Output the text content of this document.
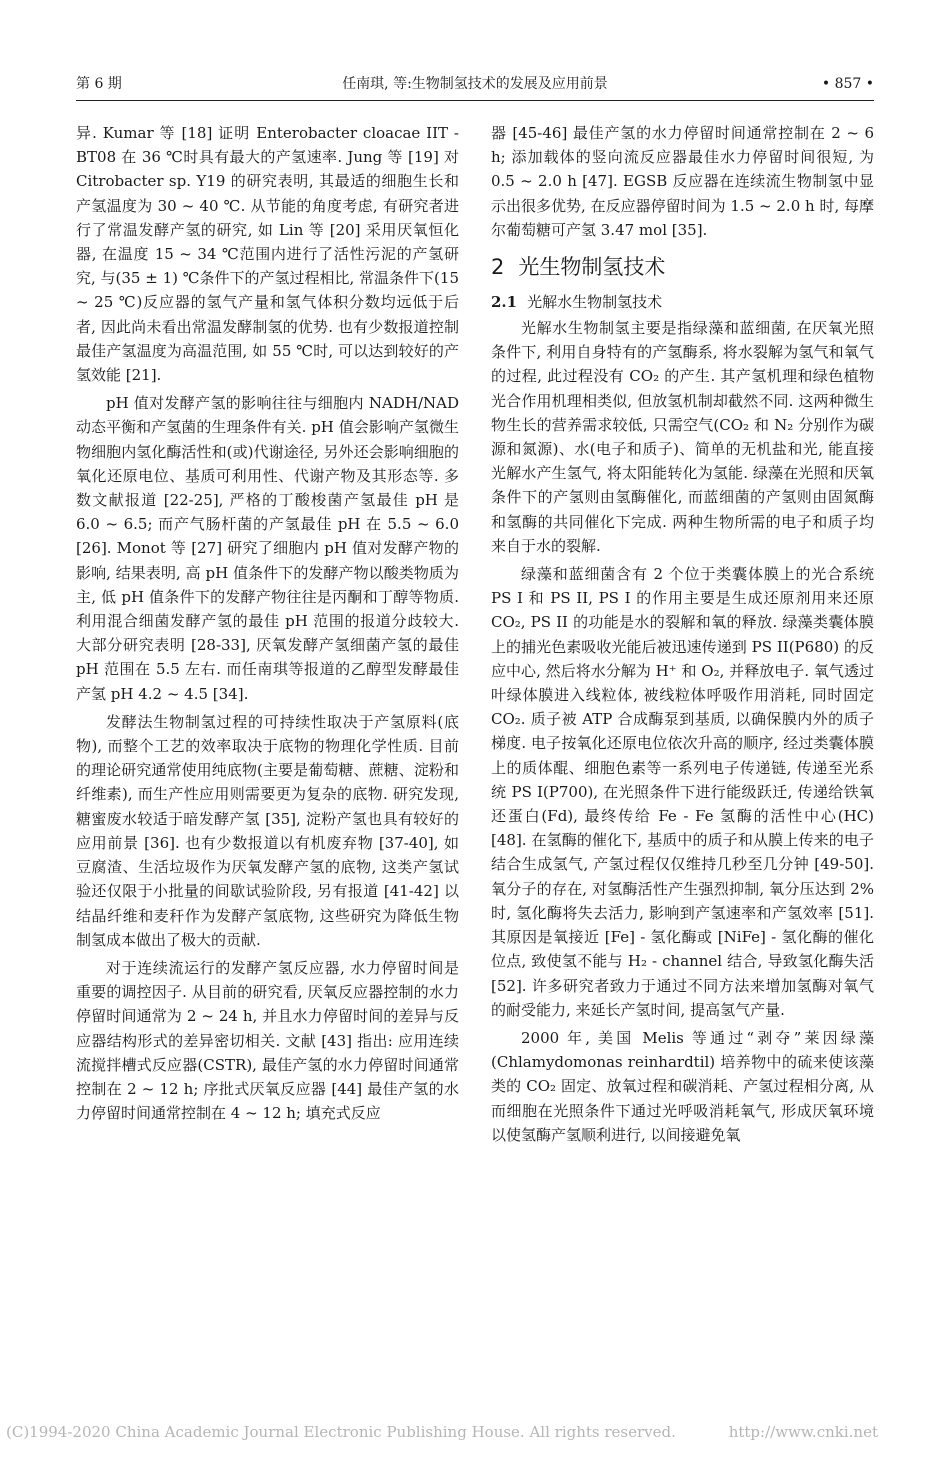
第 6 期	任南琪, 等:生物制氢技术的发展及应用前景	• 857 •

异. Kumar 等 [18] 证明 Enterobacter cloacae IIT - BT08 在 36 ℃时具有最大的产氢速率. Jung 等 [19] 对 Citrobacter sp. Y19 的研究表明, 其最适的细胞生长和产氢温度为 30 ~ 40 ℃. 从节能的角度考虑, 有研究者进行了常温发酵产氢的研究, 如 Lin 等 [20] 采用厌氧恒化器, 在温度 15 ~ 34 ℃范围内进行了活性污泥的产氢研究, 与(35 ± 1) ℃条件下的产氢过程相比, 常温条件下(15 ~ 25 ℃)反应器的氢气产量和氢气体积分数均远低于后者, 因此尚未看出常温发酵制氢的优势. 也有少数报道控制最佳产氢温度为高温范围, 如 55 ℃时, 可以达到较好的产氢效能 [21].

pH 值对发酵产氢的影响往往与细胞内 NADH/NAD 动态平衡和产氢菌的生理条件有关. pH 值会影响产氢微生物细胞内氢化酶活性和(或)代谢途径, 另外还会影响细胞的氧化还原电位、基质可利用性、代谢产物及其形态等. 多数文献报道 [22-25], 严格的丁酸梭菌产氢最佳 pH 是 6.0 ~ 6.5; 而产气肠杆菌的产氢最佳 pH 在 5.5 ~ 6.0 [26]. Monot 等 [27] 研究了细胞内 pH 值对发酵产物的影响, 结果表明, 高 pH 值条件下的发酵产物以酸类物质为主, 低 pH 值条件下的发酵产物往往是丙酮和丁醇等物质. 利用混合细菌发酵产氢的最佳 pH 范围的报道分歧较大. 大部分研究表明 [28-33], 厌氧发酵产氢细菌产氢的最佳 pH 范围在 5.5 左右. 而任南琪等报道的乙醇型发酵最佳产氢 pH 4.2 ~ 4.5 [34].

发酵法生物制氢过程的可持续性取决于产氢原料(底物), 而整个工艺的效率取决于底物的物理化学性质. 目前的理论研究通常使用纯底物(主要是葡萄糖、蔗糖、淀粉和纤维素), 而生产性应用则需要更为复杂的底物. 研究发现, 糖蜜废水较适于暗发酵产氢 [35], 淀粉产氢也具有较好的应用前景 [36]. 也有少数报道以有机废弃物 [37-40], 如豆腐渣、生活垃圾作为厌氧发酵产氢的底物, 这类产氢试验还仅限于小批量的间歇试验阶段, 另有报道 [41-42] 以结晶纤维和麦秆作为发酵产氢底物, 这些研究为降低生物制氢成本做出了极大的贡献.

对于连续流运行的发酵产氢反应器, 水力停留时间是重要的调控因子. 从目前的研究看, 厌氧反应器控制的水力停留时间通常为 2 ~ 24 h, 并且水力停留时间的差异与反应器结构形式的差异密切相关. 文献 [43] 指出: 应用连续流搅拌槽式反应器(CSTR), 最佳产氢的水力停留时间通常控制在 2 ~ 12 h; 序批式厌氧反应器 [44] 最佳产氢的水力停留时间通常控制在 4 ~ 12 h; 填充式反应

器 [45-46] 最佳产氢的水力停留时间通常控制在 2 ~ 6 h; 添加载体的竖向流反应器最佳水力停留时间很短, 为 0.5 ~ 2.0 h [47]. EGSB 反应器在连续流生物制氢中显示出很多优势, 在反应器停留时间为 1.5 ~ 2.0 h 时, 每摩尔葡萄糖可产氢 3.47 mol [35].

2 光生物制氢技术
2.1 光解水生物制氢技术

光解水生物制氢主要是指绿藻和蓝细菌, 在厌氧光照条件下, 利用自身特有的产氢酶系, 将水裂解为氢气和氧气的过程, 此过程没有 CO₂ 的产生. 其产氢机理和绿色植物光合作用机理相类似, 但放氢机制却截然不同. 这两种微生物生长的营养需求较低, 只需空气(CO₂ 和 N₂ 分别作为碳源和氮源)、水(电子和质子)、简单的无机盐和光, 能直接光解水产生氢气, 将太阳能转化为氢能. 绿藻在光照和厌氧条件下的产氢则由氢酶催化, 而蓝细菌的产氢则由固氮酶和氢酶的共同催化下完成. 两种生物所需的电子和质子均来自于水的裂解.

绿藻和蓝细菌含有 2 个位于类囊体膜上的光合系统 PS I 和 PS II, PS I 的作用主要是生成还原剂用来还原 CO₂, PS II 的功能是水的裂解和氧的释放. 绿藻类囊体膜上的捕光色素吸收光能后被迅速传递到 PS II(P680) 的反应中心, 然后将水分解为 H⁺ 和 O₂, 并释放电子. 氧气透过叶绿体膜进入线粒体, 被线粒体呼吸作用消耗, 同时固定 CO₂. 质子被 ATP 合成酶泵到基质, 以确保膜内外的质子梯度. 电子按氧化还原电位依次升高的顺序, 经过类囊体膜上的质体醌、细胞色素等一系列电子传递链, 传递至光系统 PS I(P700), 在光照条件下进行能级跃迁, 传递给铁氧还蛋白(Fd), 最终传给 Fe - Fe 氢酶的活性中心(HC) [48]. 在氢酶的催化下, 基质中的质子和从膜上传来的电子结合生成氢气, 产氢过程仅仅维持几秒至几分钟 [49-50]. 氧分子的存在, 对氢酶活性产生强烈抑制, 氧分压达到 2% 时, 氢化酶将失去活力, 影响到产氢速率和产氢效率 [51]. 其原因是氧接近 [Fe] - 氢化酶或 [NiFe] - 氢化酶的催化位点, 致使氢不能与 H₂ - channel 结合, 导致氢化酶失活 [52]. 许多研究者致力于通过不同方法来增加氢酶对氧气的耐受能力, 来延长产氢时间, 提高氢气产量.

2000 年, 美国 Melis 等通过“剥夺”莱因绿藻(Chlamydomonas reinhardtil) 培养物中的硫来使该藻类的 CO₂ 固定、放氧过程和碳消耗、产氢过程相分离, 从而细胞在光照条件下通过光呼吸消耗氧气, 形成厌氧环境以使氢酶产氢顺利进行, 以间接避免氧

(C)1994-2020 China Academic Journal Electronic Publishing House. All rights reserved.	http://www.cnki.net
